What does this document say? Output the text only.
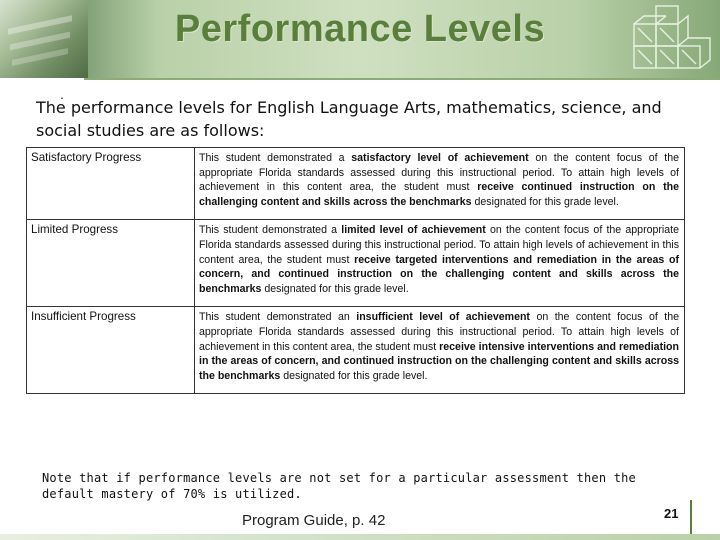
Performance Levels
.

The performance levels for English Language Arts, mathematics, science, and social studies are as follows:

Satisfactory Progress	This student demonstrated a satisfactory level of achievement on the content focus of the appropriate Florida standards assessed during this instructional period. To attain high levels of achievement in this content area, the student must receive continued instruction on the challenging content and skills across the benchmarks designated for this grade level.
Limited Progress	This student demonstrated a limited level of achievement on the content focus of the appropriate Florida standards assessed during this instructional period. To attain high levels of achievement in this content area, the student must receive targeted interventions and remediation in the areas of concern, and continued instruction on the challenging content and skills across the benchmarks designated for this grade level.
Insufficient Progress	This student demonstrated an insufficient level of achievement on the content focus of the appropriate Florida standards assessed during this instructional period. To attain high levels of achievement in this content area, the student must receive intensive interventions and remediation in the areas of concern, and continued instruction on the challenging content and skills across the benchmarks designated for this grade level.

Note that if performance levels are not set for a particular assessment then the default mastery of 70% is utilized.

Program Guide, p. 42	21
